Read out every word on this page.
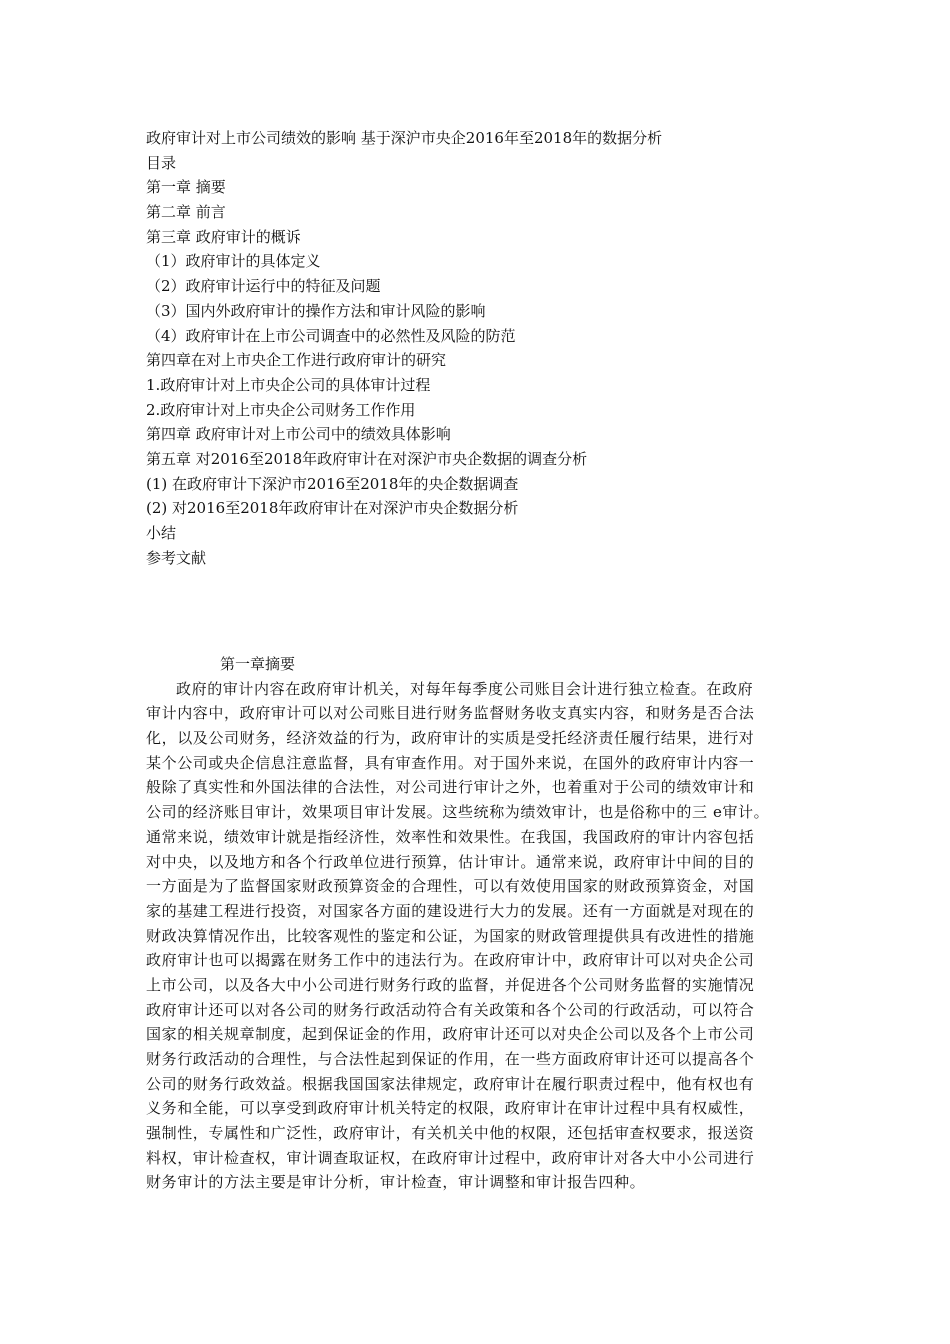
政府审计对上市公司绩效的影响 基于深沪市央企2016年至2018年的数据分析
目录
第一章 摘要
第二章 前言
第三章 政府审计的概诉
（1）政府审计的具体定义
（2）政府审计运行中的特征及问题
（3）国内外政府审计的操作方法和审计风险的影响
（4）政府审计在上市公司调查中的必然性及风险的防范
第四章在对上市央企工作进行政府审计的研究
1.政府审计对上市央企公司的具体审计过程
2.政府审计对上市央企公司财务工作作用
第四章 政府审计对上市公司中的绩效具体影响
第五章 对2016至2018年政府审计在对深沪市央企数据的调查分析
(1) 在政府审计下深沪市2016至2018年的央企数据调查
(2) 对2016至2018年政府审计在对深沪市央企数据分析
小结
参考文献
第一章摘要
政府的审计内容在政府审计机关，对每年每季度公司账目会计进行独立检查。在政府
审计内容中，政府审计可以对公司账目进行财务监督财务收支真实内容，和财务是否合法
化，以及公司财务，经济效益的行为，政府审计的实质是受托经济责任履行结果，进行对
某个公司或央企信息注意监督，具有审查作用。对于国外来说，在国外的政府审计内容一
般除了真实性和外国法律的合法性，对公司进行审计之外，也着重对于公司的绩效审计和
公司的经济账目审计，效果项目审计发展。这些统称为绩效审计，也是俗称中的三 e审计。
通常来说，绩效审计就是指经济性，效率性和效果性。在我国，我国政府的审计内容包括
对中央，以及地方和各个行政单位进行预算，估计审计。通常来说，政府审计中间的目的
一方面是为了监督国家财政预算资金的合理性，可以有效使用国家的财政预算资金，对国
家的基建工程进行投资，对国家各方面的建设进行大力的发展。还有一方面就是对现在的
财政决算情况作出，比较客观性的鉴定和公证，为国家的财政管理提供具有改进性的措施
政府审计也可以揭露在财务工作中的违法行为。在政府审计中，政府审计可以对央企公司
上市公司，以及各大中小公司进行财务行政的监督，并促进各个公司财务监督的实施情况
政府审计还可以对各公司的财务行政活动符合有关政策和各个公司的行政活动，可以符合
国家的相关规章制度，起到保证金的作用，政府审计还可以对央企公司以及各个上市公司
财务行政活动的合理性，与合法性起到保证的作用，在一些方面政府审计还可以提高各个
公司的财务行政效益。根据我国国家法律规定，政府审计在履行职责过程中，他有权也有
义务和全能，可以享受到政府审计机关特定的权限，政府审计在审计过程中具有权威性，
强制性，专属性和广泛性，政府审计，有关机关中他的权限，还包括审查权要求，报送资
料权，审计检查权，审计调查取证权，在政府审计过程中，政府审计对各大中小公司进行
财务审计的方法主要是审计分析，审计检查，审计调整和审计报告四种。
